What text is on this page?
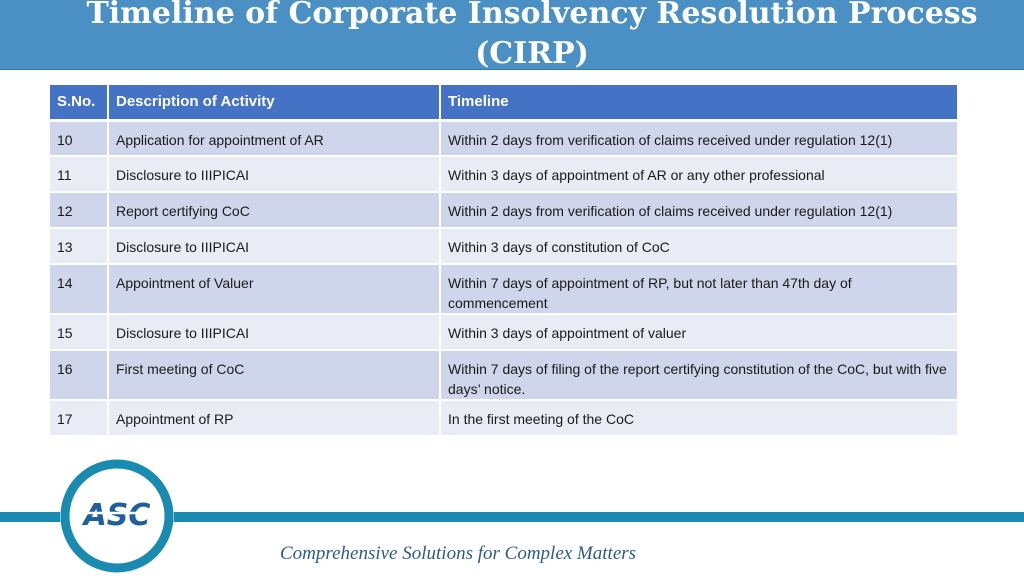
Timeline of Corporate Insolvency Resolution Process (CIRP)
S.No.	Description of Activity	Timeline
10	Application for appointment of AR	Within 2 days from verification of claims received under regulation 12(1)
11	Disclosure to IIIPICAI	Within 3 days of appointment of AR or any other professional
12	Report certifying CoC	Within 2 days from verification of claims received under regulation 12(1)
13	Disclosure to IIIPICAI	Within 3 days of constitution of CoC
14	Appointment of Valuer	Within 7 days of appointment of RP, but not later than 47th day of commencement
15	Disclosure to IIIPICAI	Within 3 days of appointment of valuer
16	First meeting of CoC	Within 7 days of filing of the report certifying constitution of the CoC, but with five days’ notice.
17	Appointment of RP	In the first meeting of the CoC
ASC
Comprehensive Solutions for Complex Matters
